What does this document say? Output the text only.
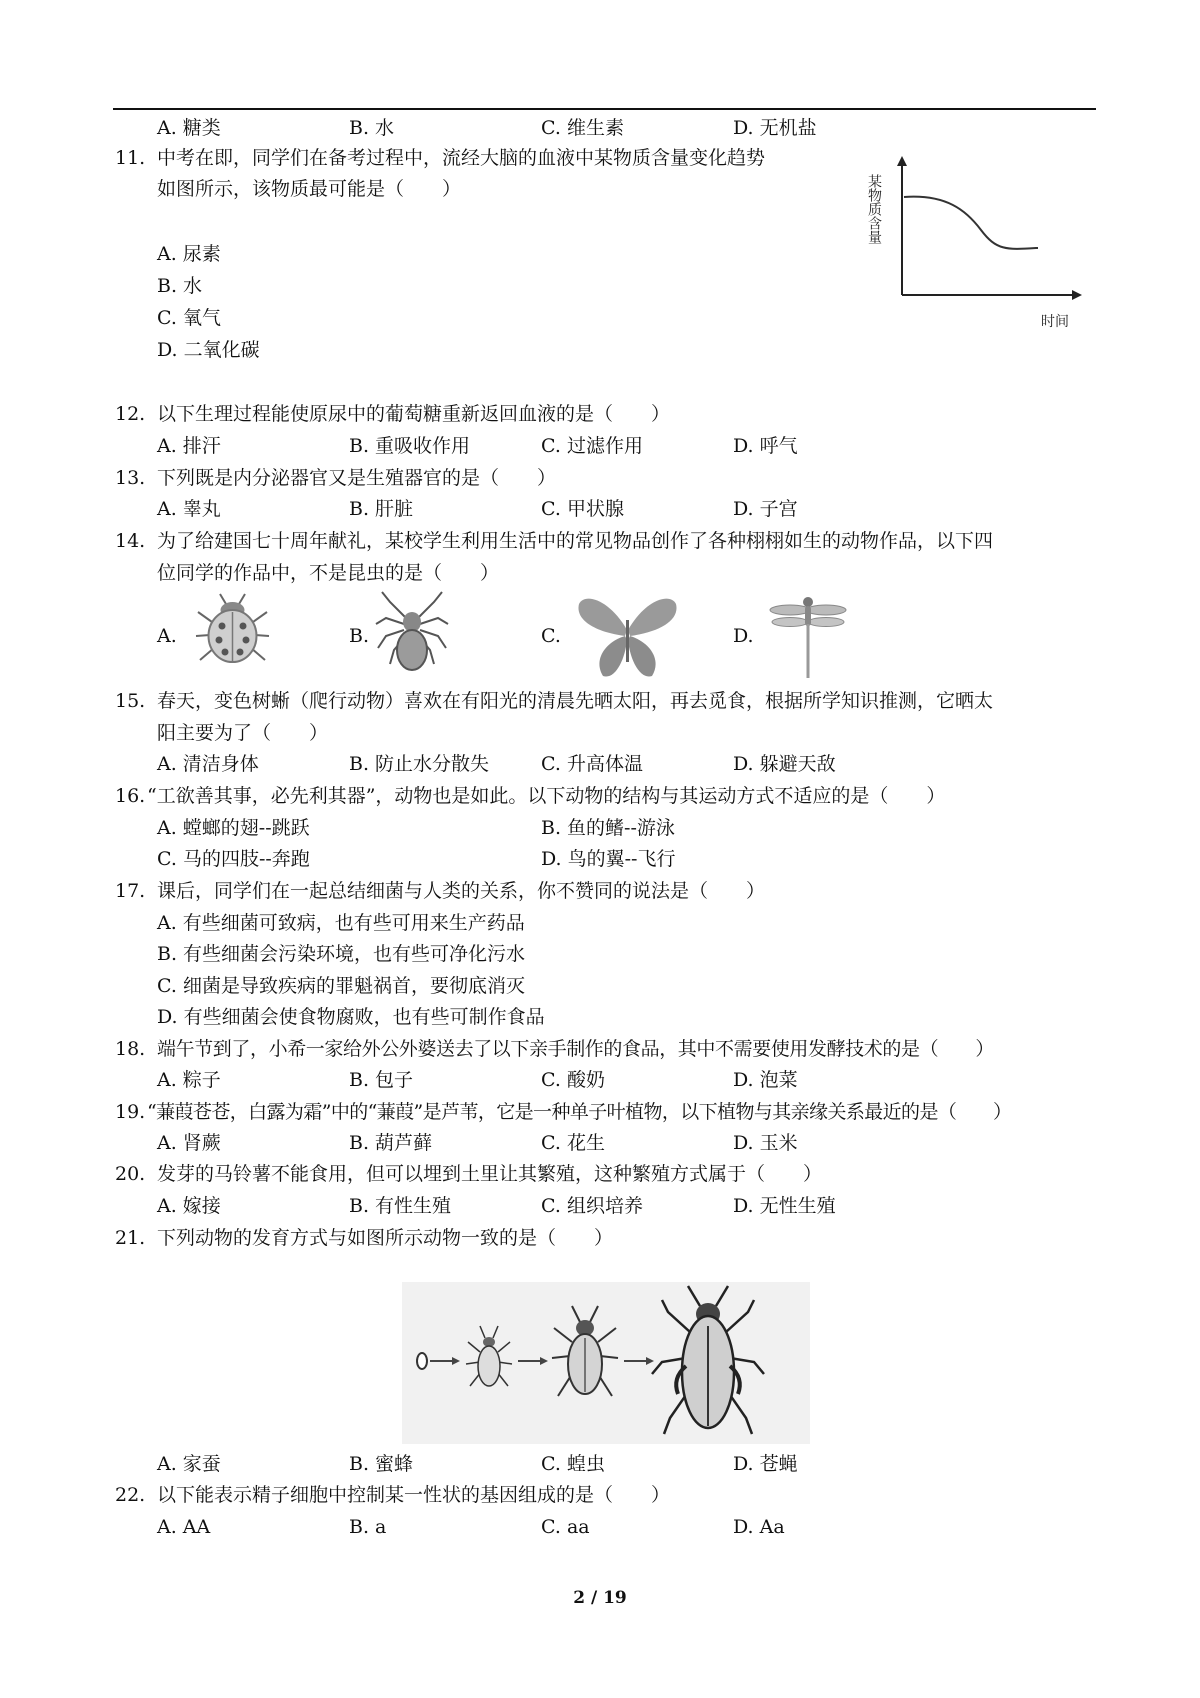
A. 糖类	B. 水	C. 维生素	D. 无机盐
11. 中考在即，同学们在备考过程中，流经大脑的血液中某物质含量变化趋势
如图所示，该物质最可能是（　　）
A. 尿素
B. 水
C. 氧气
D. 二氧化碳
某物质含量
时间
12. 以下生理过程能使原尿中的葡萄糖重新返回血液的是（　　）
A. 排汗	B. 重吸收作用	C. 过滤作用	D. 呼气
13. 下列既是内分泌器官又是生殖器官的是（　　）
A. 睾丸	B. 肝脏	C. 甲状腺	D. 子宫
14. 为了给建国七十周年献礼，某校学生利用生活中的常见物品创作了各种栩栩如生的动物作品，以下四
位同学的作品中，不是昆虫的是（　　）
A.	B.	C.	D.
15. 春天，变色树蜥（爬行动物）喜欢在有阳光的清晨先晒太阳，再去觅食，根据所学知识推测，它晒太
阳主要为了（　　）
A. 清洁身体	B. 防止水分散失	C. 升高体温	D. 躲避天敌
16. “工欲善其事，必先利其器”，动物也是如此。以下动物的结构与其运动方式不适应的是（　　）
A. 螳螂的翅--跳跃	B. 鱼的鳍--游泳
C. 马的四肢--奔跑	D. 鸟的翼--飞行
17. 课后，同学们在一起总结细菌与人类的关系，你不赞同的说法是（　　）
A. 有些细菌可致病，也有些可用来生产药品
B. 有些细菌会污染环境，也有些可净化污水
C. 细菌是导致疾病的罪魁祸首，要彻底消灭
D. 有些细菌会使食物腐败，也有些可制作食品
18. 端午节到了，小希一家给外公外婆送去了以下亲手制作的食品，其中不需要使用发酵技术的是（　　）
A. 粽子	B. 包子	C. 酸奶	D. 泡菜
19. “蒹葭苍苍，白露为霜”中的“蒹葭”是芦苇，它是一种单子叶植物，以下植物与其亲缘关系最近的是（　　）
A. 肾蕨	B. 葫芦藓	C. 花生	D. 玉米
20. 发芽的马铃薯不能食用，但可以埋到土里让其繁殖，这种繁殖方式属于（　　）
A. 嫁接	B. 有性生殖	C. 组织培养	D. 无性生殖
21. 下列动物的发育方式与如图所示动物一致的是（　　）
A. 家蚕	B. 蜜蜂	C. 蝗虫	D. 苍蝇
22. 以下能表示精子细胞中控制某一性状的基因组成的是（　　）
A. AA	B. a	C. aa	D. Aa
2 / 19
